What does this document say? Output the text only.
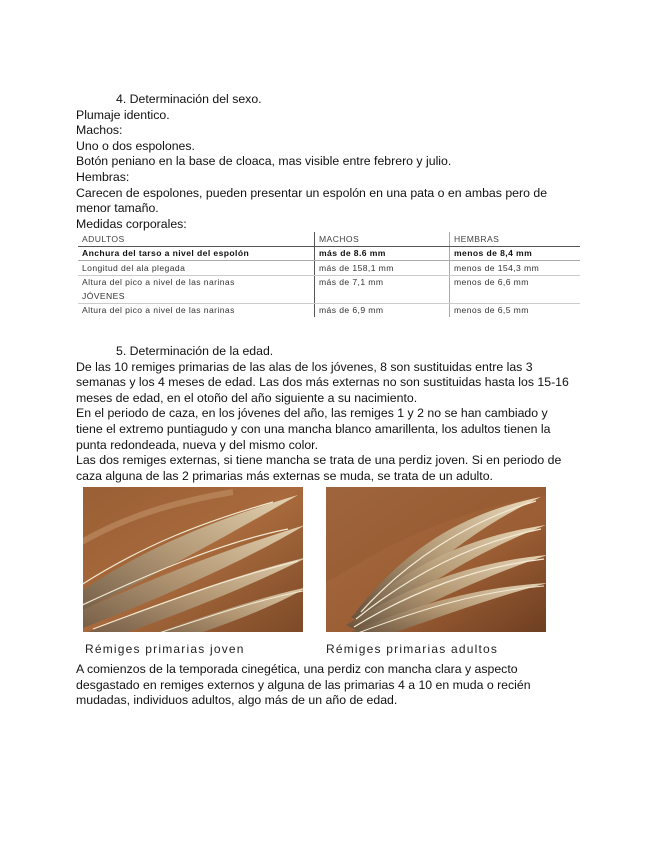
4. Determinación del sexo.

Plumaje identico.

Machos:

Uno o dos espolones.

Botón peniano en la base de cloaca, mas visible entre febrero y julio.

Hembras:

Carecen de espolones, pueden presentar un espolón en una pata o en ambas pero de menor tamaño.

Medidas corporales:

ADULTOS	MACHOS	HEMBRAS
Anchura del tarso a nivel del espolón	más de 8.6 mm	menos de 8,4 mm
Longitud del ala plegada	más de 158,1 mm	menos de 154,3 mm
Altura del pico a nivel de las narinas	más de 7,1 mm	menos de 6,6 mm
JÓVENES		
Altura del pico a nivel de las narinas	más de 6,9 mm	menos de 6,5 mm

5. Determinación de la edad.

De las 10 remiges primarias de las alas de los jóvenes, 8 son sustituidas entre las 3 semanas y los 4 meses de edad. Las dos más externas no son sustituidas hasta los 15-16 meses de edad, en el otoño del año siguiente a su nacimiento.

En el periodo de caza, en los jóvenes del año, las remiges 1 y 2 no se han cambiado y tiene el extremo puntiagudo y con una mancha blanco amarillenta, los adultos tienen la punta redondeada, nueva y del mismo color.

Las dos remiges externas, si tiene mancha se trata de una perdiz joven. Si en periodo de caza alguna de las 2 primarias más externas se muda, se trata de un adulto.

Rémiges primarias joven	Rémiges primarias adultos

A comienzos de la temporada cinegética, una perdiz con mancha clara y aspecto desgastado en remiges externos y alguna de las primarias 4 a 10 en muda o recién mudadas, individuos adultos, algo más de un año de edad.
